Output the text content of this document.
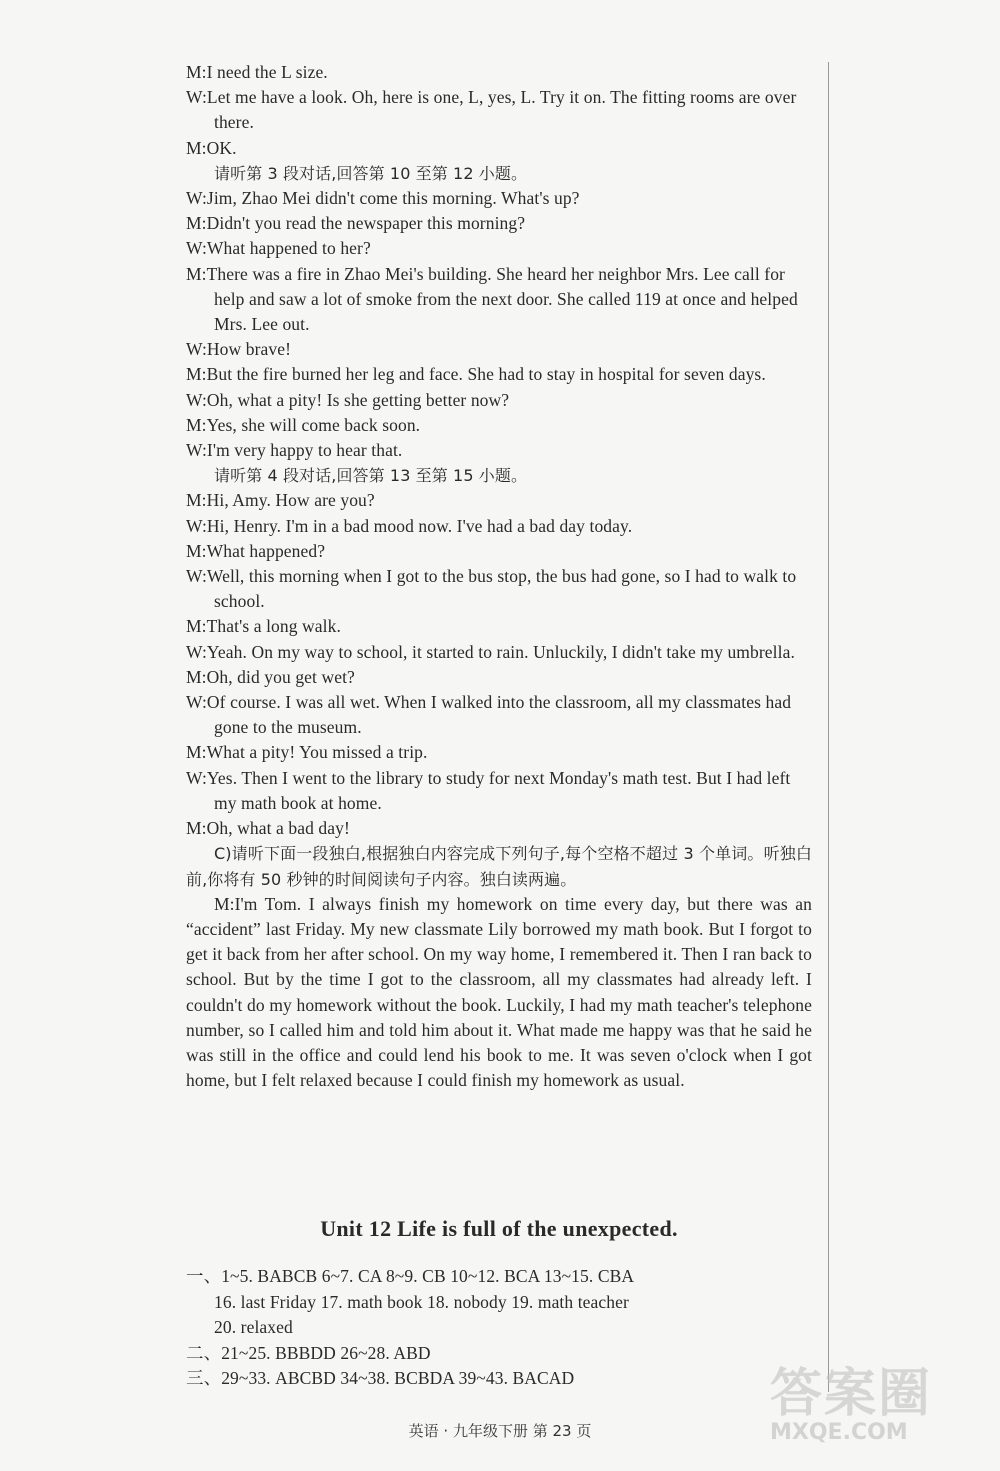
M:I need the L size.
W:Let me have a look. Oh, here is one, L, yes, L. Try it on. The fitting rooms are over there.
M:OK.
请听第 3 段对话,回答第 10 至第 12 小题。
W:Jim, Zhao Mei didn't come this morning. What's up?
M:Didn't you read the newspaper this morning?
W:What happened to her?
M:There was a fire in Zhao Mei's building. She heard her neighbor Mrs. Lee call for help and saw a lot of smoke from the next door. She called 119 at once and helped Mrs. Lee out.
W:How brave!
M:But the fire burned her leg and face. She had to stay in hospital for seven days.
W:Oh, what a pity! Is she getting better now?
M:Yes, she will come back soon.
W:I'm very happy to hear that.
请听第 4 段对话,回答第 13 至第 15 小题。
M:Hi, Amy. How are you?
W:Hi, Henry. I'm in a bad mood now. I've had a bad day today.
M:What happened?
W:Well, this morning when I got to the bus stop, the bus had gone, so I had to walk to school.
M:That's a long walk.
W:Yeah. On my way to school, it started to rain. Unluckily, I didn't take my umbrella.
M:Oh, did you get wet?
W:Of course. I was all wet. When I walked into the classroom, all my classmates had gone to the museum.
M:What a pity! You missed a trip.
W:Yes. Then I went to the library to study for next Monday's math test. But I had left my math book at home.
M:Oh, what a bad day!
C)请听下面一段独白,根据独白内容完成下列句子,每个空格不超过 3 个单词。听独白前,你将有 50 秒钟的时间阅读句子内容。独白读两遍。
M:I'm Tom. I always finish my homework on time every day, but there was an “accident” last Friday. My new classmate Lily borrowed my math book. But I forgot to get it back from her after school. On my way home, I remembered it. Then I ran back to school. But by the time I got to the classroom, all my classmates had already left. I couldn't do my homework without the book. Luckily, I had my math teacher's telephone number, so I called him and told him about it. What made me happy was that he said he was still in the office and could lend his book to me. It was seven o'clock when I got home, but I felt relaxed because I could finish my homework as usual.
Unit 12 Life is full of the unexpected.
一、1~5. BABCB 6~7. CA 8~9. CB 10~12. BCA 13~15. CBA
16. last Friday 17. math book 18. nobody 19. math teacher
20. relaxed
二、21~25. BBBDD 26~28. ABD
三、29~33. ABCBD 34~38. BCBDA 39~43. BACAD
英语 · 九年级下册 第 23 页
答案圈
MXQE.COM
